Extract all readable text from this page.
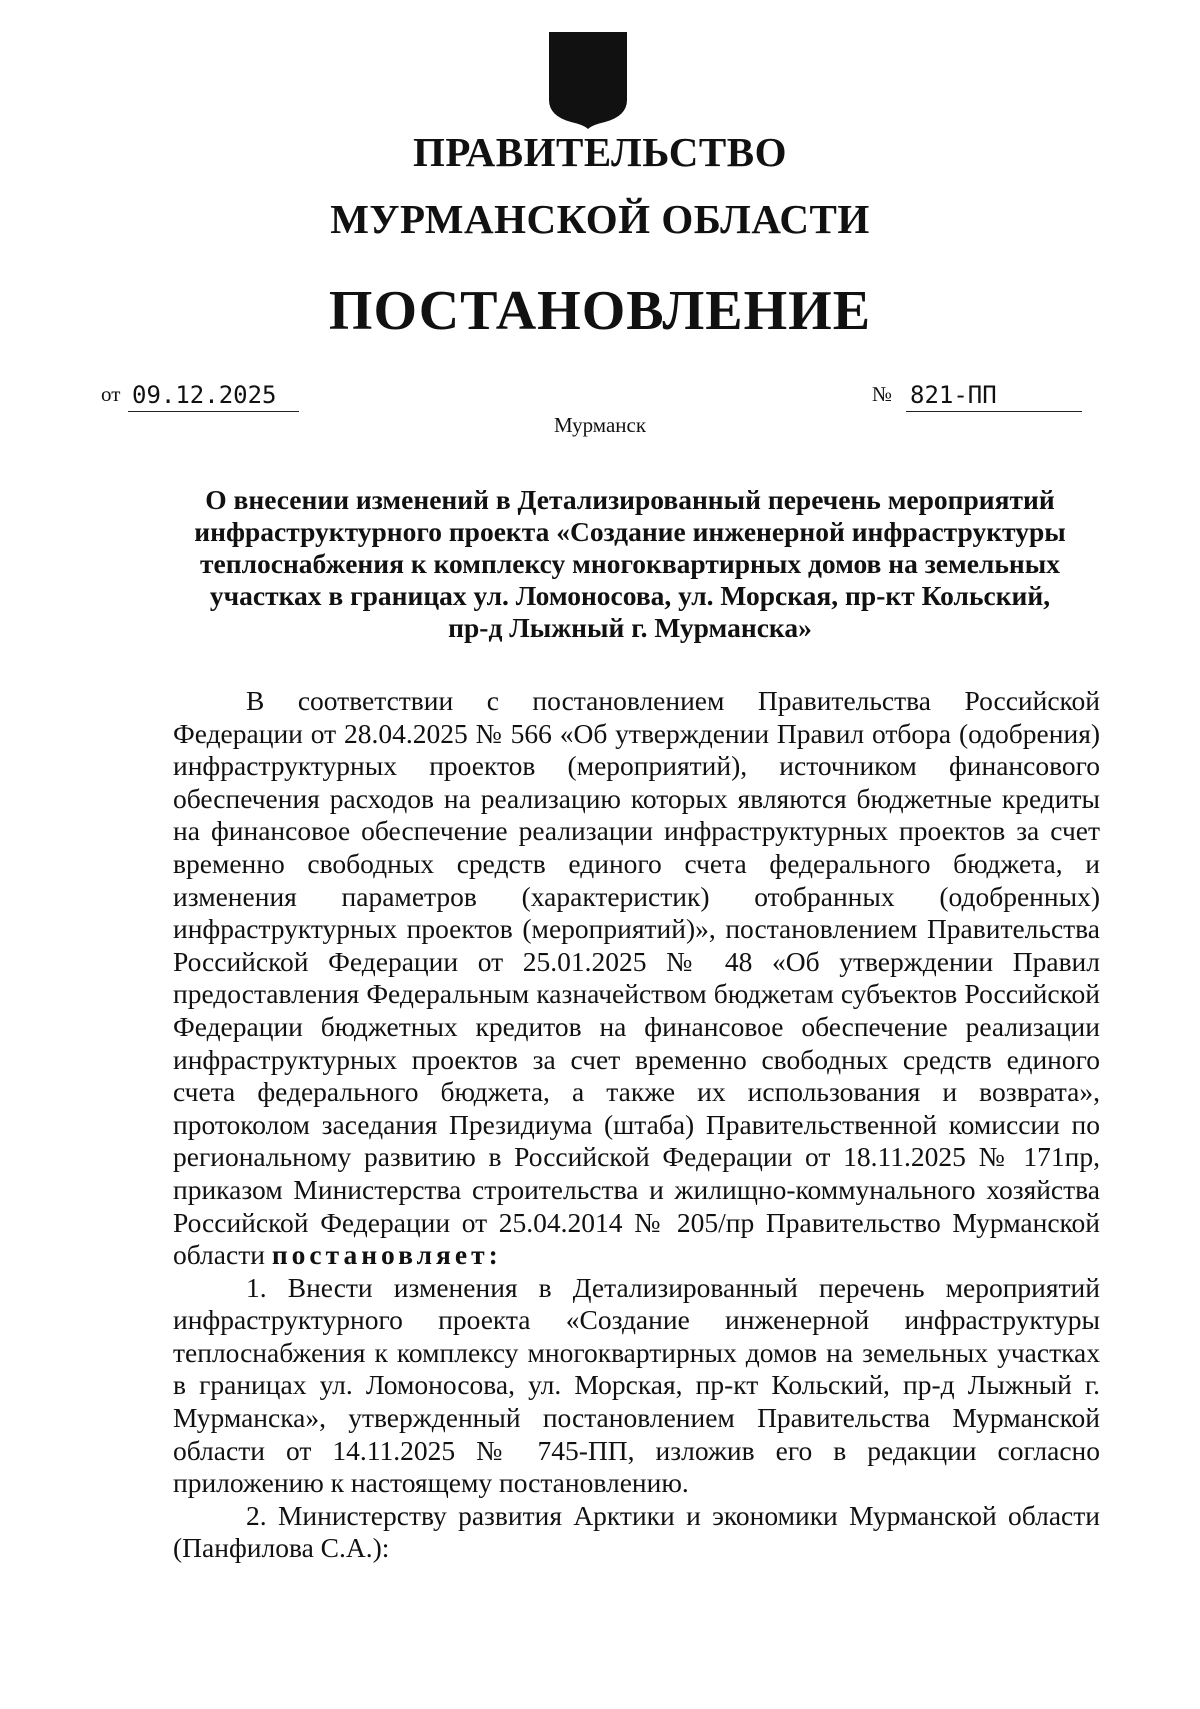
ПРАВИТЕЛЬСТВО
МУРМАНСКОЙ ОБЛАСТИ
ПОСТАНОВЛЕНИЕ
от 09.12.2025	№ 821-ПП
Мурманск
О внесении изменений в Детализированный перечень мероприятий
инфраструктурного проекта «Создание инженерной инфраструктуры
теплоснабжения к комплексу многоквартирных домов на земельных
участках в границах ул. Ломоносова, ул. Морская, пр-кт Кольский,
пр-д Лыжный г. Мурманска»

В соответствии с постановлением Правительства Российской Федерации от 28.04.2025 № 566 «Об утверждении Правил отбора (одобрения) инфраструктурных проектов (мероприятий), источником финансового обеспечения расходов на реализацию которых являются бюджетные кредиты на финансовое обеспечение реализации инфраструктурных проектов за счет временно свободных средств единого счета федерального бюджета, и изменения параметров (характеристик) отобранных (одобренных) инфраструктурных проектов (мероприятий)», постановлением Правительства Российской Федерации от 25.01.2025 № 48 «Об утверждении Правил предоставления Федеральным казначейством бюджетам субъектов Российской Федерации бюджетных кредитов на финансовое обеспечение реализации инфраструктурных проектов за счет временно свободных средств единого счета федерального бюджета, а также их использования и возврата», протоколом заседания Президиума (штаба) Правительственной комиссии по региональному развитию в Российской Федерации от 18.11.2025 № 171пр, приказом Министерства строительства и жилищно-коммунального хозяйства Российской Федерации от 25.04.2014 № 205/пр Правительство Мурманской области постановляет:

1. Внести изменения в Детализированный перечень мероприятий инфраструктурного проекта «Создание инженерной инфраструктуры теплоснабжения к комплексу многоквартирных домов на земельных участках в границах ул. Ломоносова, ул. Морская, пр-кт Кольский, пр-д Лыжный г. Мурманска», утвержденный постановлением Правительства Мурманской области от 14.11.2025 № 745-ПП, изложив его в редакции согласно приложению к настоящему постановлению.

2. Министерству развития Арктики и экономики Мурманской области (Панфилова С.А.):
